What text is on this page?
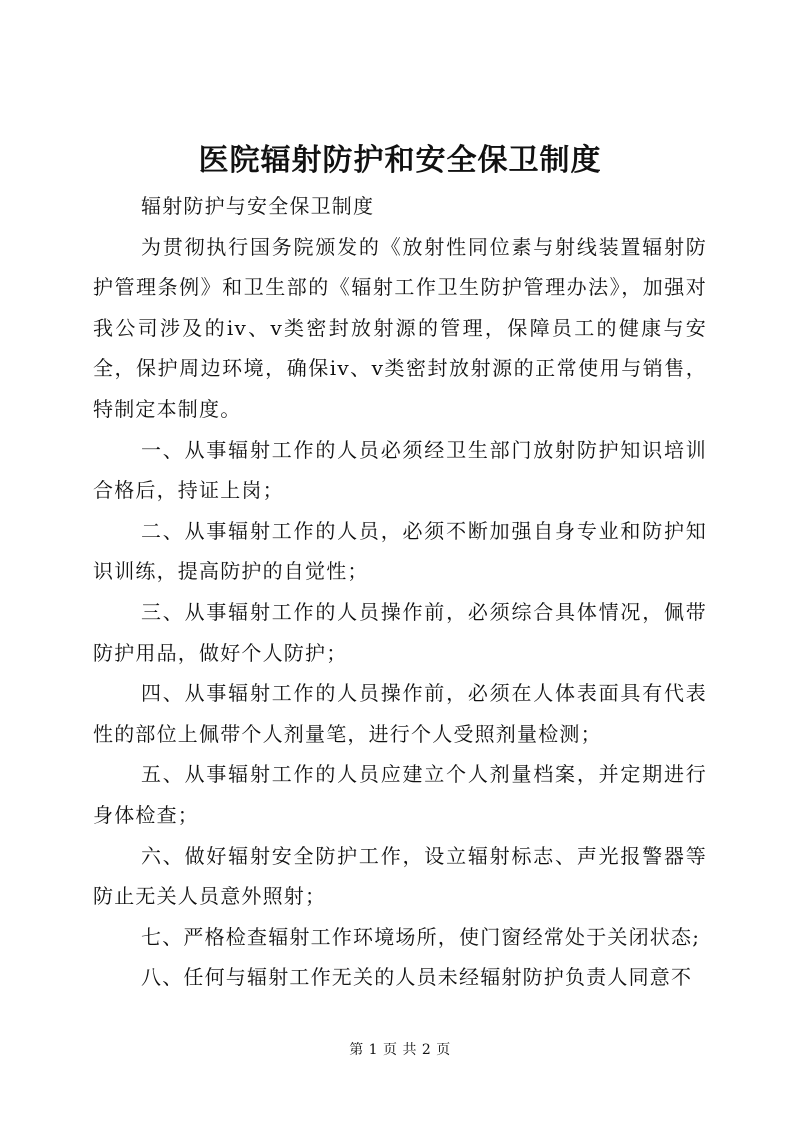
医院辐射防护和安全保卫制度

辐射防护与安全保卫制度

为贯彻执行国务院颁发的《放射性同位素与射线装置辐射防护管理条例》和卫生部的《辐射工作卫生防护管理办法》，加强对我公司涉及的iv、v类密封放射源的管理，保障员工的健康与安全，保护周边环境，确保iv、v类密封放射源的正常使用与销售，特制定本制度。

一、从事辐射工作的人员必须经卫生部门放射防护知识培训合格后，持证上岗；

二、从事辐射工作的人员，必须不断加强自身专业和防护知识训练，提高防护的自觉性；

三、从事辐射工作的人员操作前，必须综合具体情况，佩带防护用品，做好个人防护；

四、从事辐射工作的人员操作前，必须在人体表面具有代表性的部位上佩带个人剂量笔，进行个人受照剂量检测；

五、从事辐射工作的人员应建立个人剂量档案，并定期进行身体检查；

六、做好辐射安全防护工作，设立辐射标志、声光报警器等防止无关人员意外照射；

七、严格检查辐射工作环境场所，使门窗经常处于关闭状态;

八、任何与辐射工作无关的人员未经辐射防护负责人同意不

第 1 页 共 2 页
